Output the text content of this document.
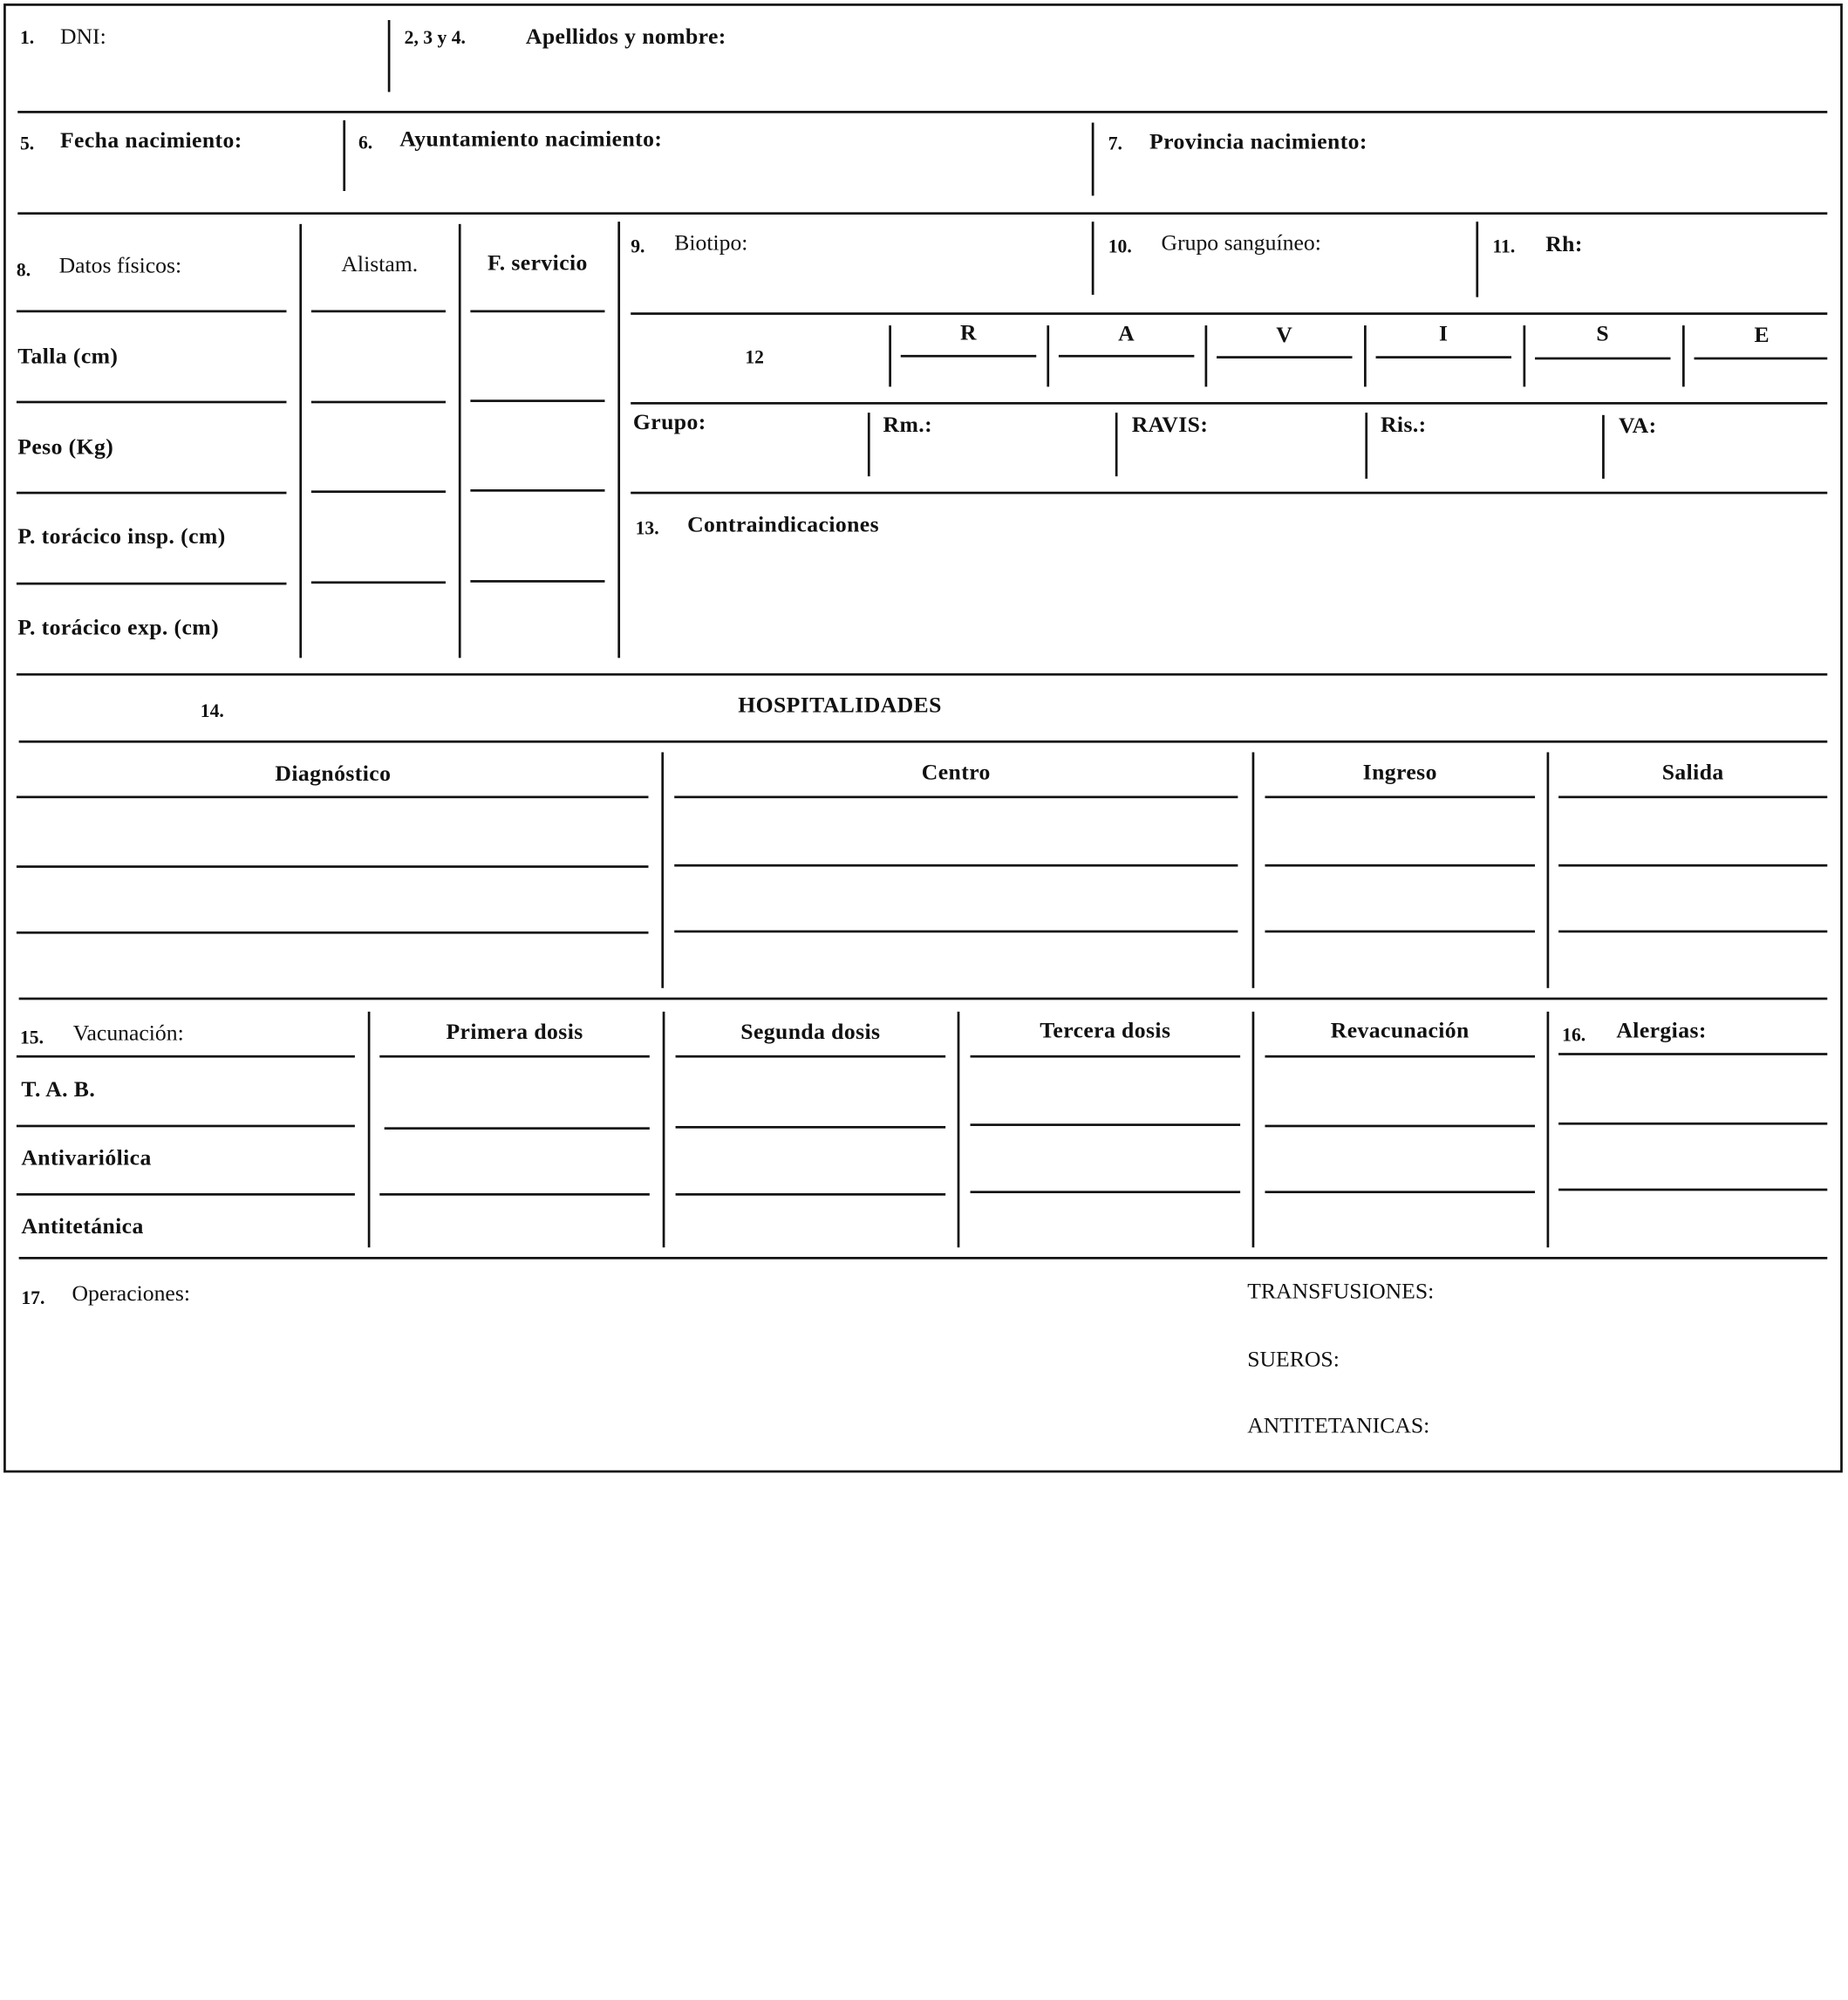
1. DNI:	2, 3 y 4.	Apellidos y nombre:
5. Fecha nacimiento:	6. Ayuntamiento nacimiento:	7. Provincia nacimiento:
8. Datos físicos:	Alistam.	F. servicio
Talla (cm)
Peso (Kg)
P. torácico insp. (cm)
P. torácico exp. (cm)
9. Biotipo:	10. Grupo sanguíneo:	11. Rh:
12
R	A	V	I	S	E
Grupo:	Rm.:	RAVIS:	Ris.:	VA:
13. Contraindicaciones
14.	HOSPITALIDADES
Diagnóstico	Centro	Ingreso	Salida
15. Vacunación:	Primera dosis	Segunda dosis	Tercera dosis	Revacunación	16. Alergias:
T. A. B.
Antivariólica
Antitetánica
17. Operaciones:	TRANSFUSIONES:
SUEROS:
ANTITETANICAS:
